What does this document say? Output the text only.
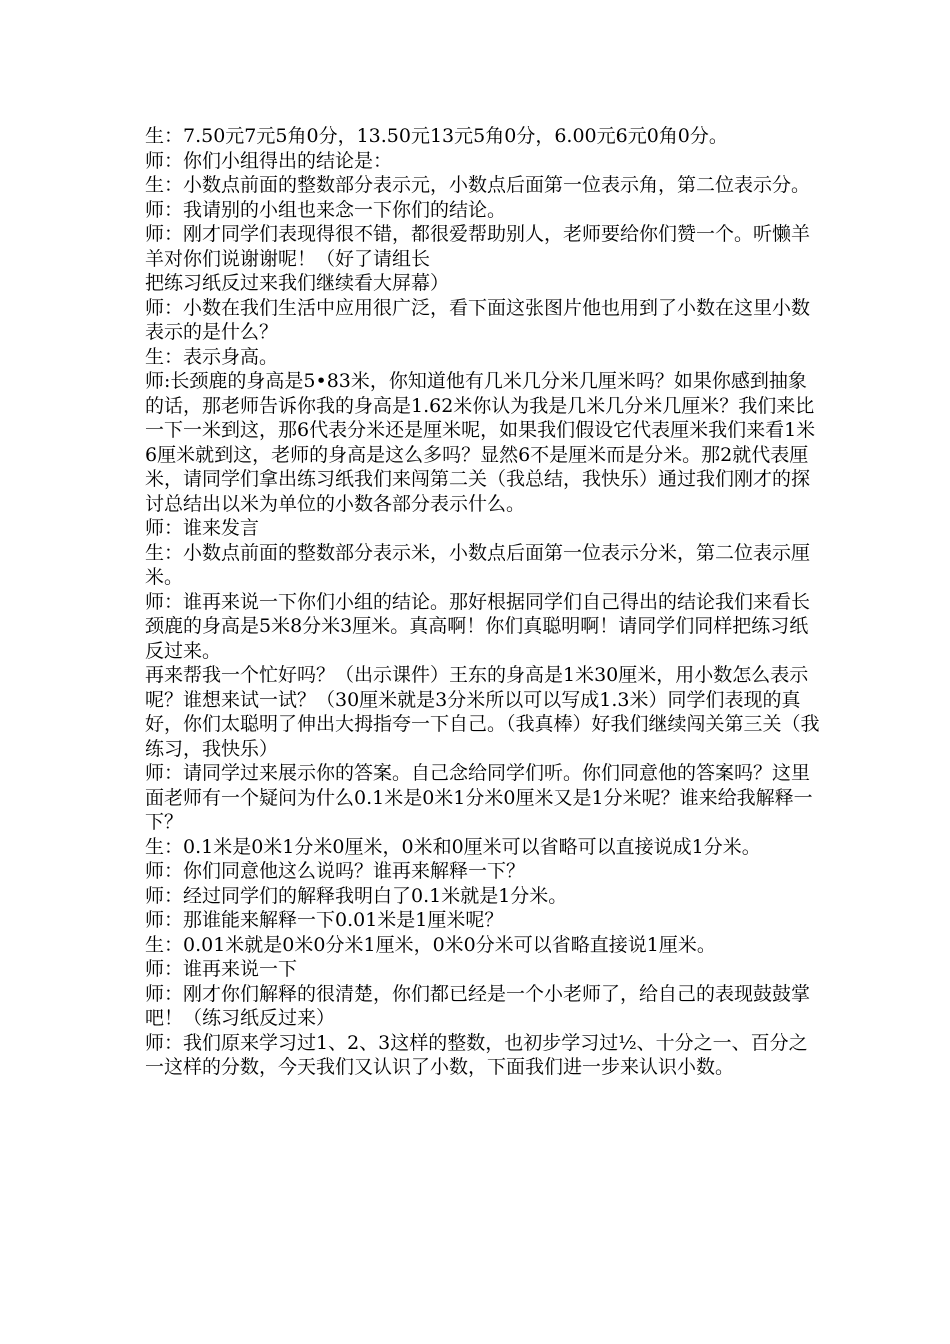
生：7.50元7元5角0分，13.50元13元5角0分，6.00元6元0角0分。

师：你们小组得出的结论是：

生：小数点前面的整数部分表示元，小数点后面第一位表示角，第二位表示分。

师：我请别的小组也来念一下你们的结论。

师：刚才同学们表现得很不错，都很爱帮助别人，老师要给你们赞一个。听懒羊羊对你们说谢谢呢！（好了请组长
把练习纸反过来我们继续看大屏幕）

师：小数在我们生活中应用很广泛，看下面这张图片他也用到了小数在这里小数表示的是什么？

生：表示身高。

师:长颈鹿的身高是5•83米，你知道他有几米几分米几厘米吗？如果你感到抽象的话，那老师告诉你我的身高是1.62米你认为我是几米几分米几厘米？我们来比一下一米到这，那6代表分米还是厘米呢，如果我们假设它代表厘米我们来看1米6厘米就到这，老师的身高是这么多吗？显然6不是厘米而是分米。那2就代表厘米，请同学们拿出练习纸我们来闯第二关（我总结，我快乐）通过我们刚才的探讨总结出以米为单位的小数各部分表示什么。

师：谁来发言

生：小数点前面的整数部分表示米，小数点后面第一位表示分米，第二位表示厘米。

师：谁再来说一下你们小组的结论。那好根据同学们自己得出的结论我们来看长颈鹿的身高是5米8分米3厘米。真高啊！你们真聪明啊！请同学们同样把练习纸反过来。

再来帮我一个忙好吗？（出示课件）王东的身高是1米30厘米，用小数怎么表示呢？谁想来试一试？（30厘米就是3分米所以可以写成1.3米）同学们表现的真好，你们太聪明了伸出大拇指夸一下自己。（我真棒）好我们继续闯关第三关（我练习，我快乐）

师：请同学过来展示你的答案。自己念给同学们听。你们同意他的答案吗？这里面老师有一个疑问为什么0.1米是0米1分米0厘米又是1分米呢？谁来给我解释一下？

生：0.1米是0米1分米0厘米，0米和0厘米可以省略可以直接说成1分米。

师：你们同意他这么说吗？谁再来解释一下？

师：经过同学们的解释我明白了0.1米就是1分米。

师：那谁能来解释一下0.01米是1厘米呢？

生：0.01米就是0米0分米1厘米，0米0分米可以省略直接说1厘米。

师：谁再来说一下

师：刚才你们解释的很清楚，你们都已经是一个小老师了，给自己的表现鼓鼓掌吧！（练习纸反过来）

师：我们原来学习过1、2、3这样的整数，也初步学习过½、十分之一、百分之一这样的分数，今天我们又认识了小数，下面我们进一步来认识小数。
